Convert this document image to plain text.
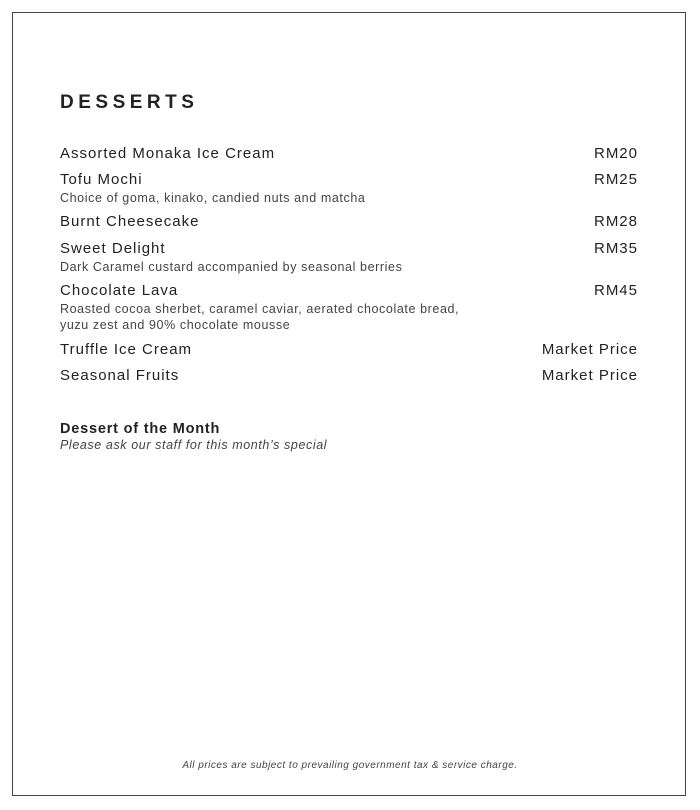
DESSERTS
Assorted Monaka Ice Cream	RM20
Tofu Mochi	RM25
Choice of goma, kinako, candied nuts and matcha
Burnt Cheesecake	RM28
Sweet Delight	RM35
Dark Caramel custard accompanied by seasonal berries
Chocolate Lava	RM45
Roasted cocoa sherbet, caramel caviar, aerated chocolate bread,
yuzu zest and 90% chocolate mousse
Truffle Ice Cream	Market Price
Seasonal Fruits	Market Price
Dessert of the Month
Please ask our staff for this month’s special
All prices are subject to prevailing government tax & service charge.
